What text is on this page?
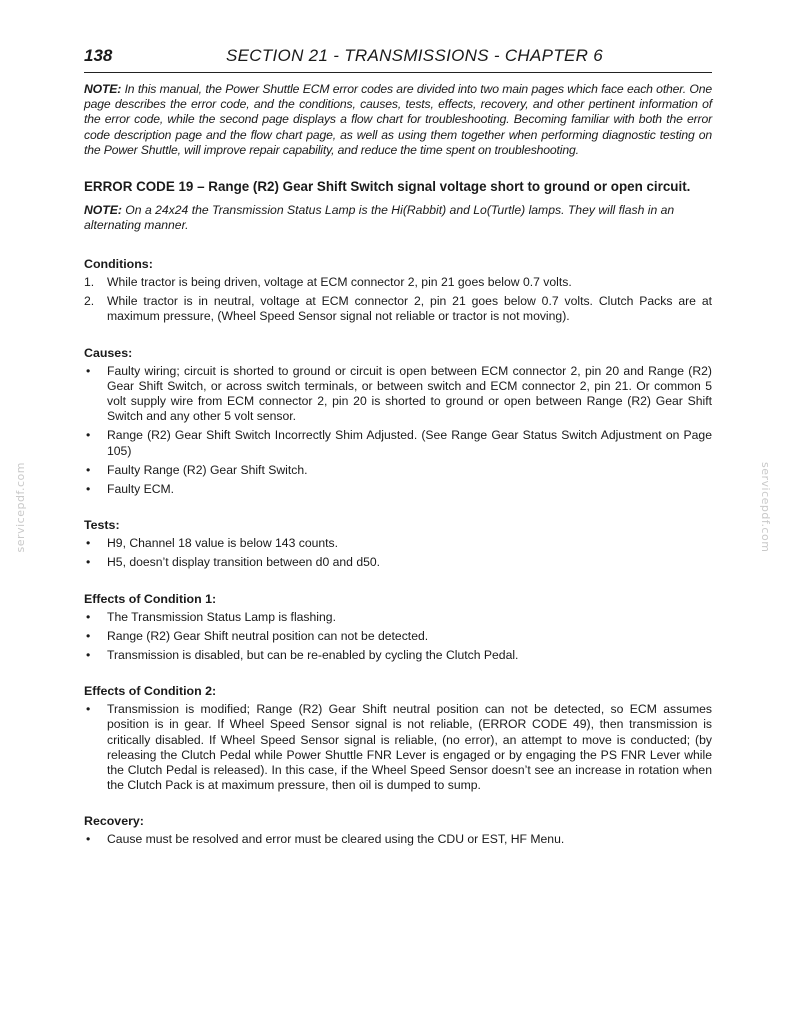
servicepdf.com	servicepdf.com
138	SECTION 21 - TRANSMISSIONS - CHAPTER 6

NOTE: In this manual, the Power Shuttle ECM error codes are divided into two main pages which face each other. One page describes the error code, and the conditions, causes, tests, effects, recovery, and other pertinent information of the error code, while the second page displays a flow chart for troubleshooting. Becoming familiar with both the error code description page and the flow chart page, as well as using them together when performing diagnostic testing on the Power Shuttle, will improve repair capability, and reduce the time spent on troubleshooting.

ERROR CODE 19 – Range (R2) Gear Shift Switch signal voltage short to ground or open circuit.

NOTE: On a 24x24 the Transmission Status Lamp is the Hi(Rabbit) and Lo(Turtle) lamps. They will flash in an alternating manner.

Conditions:
1. While tractor is being driven, voltage at ECM connector 2, pin 21 goes below 0.7 volts.
2. While tractor is in neutral, voltage at ECM connector 2, pin 21 goes below 0.7 volts. Clutch Packs are at maximum pressure, (Wheel Speed Sensor signal not reliable or tractor is not moving).
Causes:
• Faulty wiring; circuit is shorted to ground or circuit is open between ECM connector 2, pin 20 and Range (R2) Gear Shift Switch, or across switch terminals, or between switch and ECM connector 2, pin 21. Or common 5 volt supply wire from ECM connector 2, pin 20 is shorted to ground or open between Range (R2) Gear Shift Switch and any other 5 volt sensor.
• Range (R2) Gear Shift Switch Incorrectly Shim Adjusted. (See Range Gear Status Switch Adjustment on Page 105)
• Faulty Range (R2) Gear Shift Switch.
• Faulty ECM.
Tests:
• H9, Channel 18 value is below 143 counts.
• H5, doesn’t display transition between d0 and d50.
Effects of Condition 1:
• The Transmission Status Lamp is flashing.
• Range (R2) Gear Shift neutral position can not be detected.
• Transmission is disabled, but can be re-enabled by cycling the Clutch Pedal.
Effects of Condition 2:
• Transmission is modified; Range (R2) Gear Shift neutral position can not be detected, so ECM assumes position is in gear. If Wheel Speed Sensor signal is not reliable, (ERROR CODE 49), then transmission is critically disabled. If Wheel Speed Sensor signal is reliable, (no error), an attempt to move is conducted; (by releasing the Clutch Pedal while Power Shuttle FNR Lever is engaged or by engaging the PS FNR Lever while the Clutch Pedal is released). In this case, if the Wheel Speed Sensor doesn’t see an increase in rotation when the Clutch Pack is at maximum pressure, then oil is dumped to sump.
Recovery:
• Cause must be resolved and error must be cleared using the CDU or EST, HF Menu.
